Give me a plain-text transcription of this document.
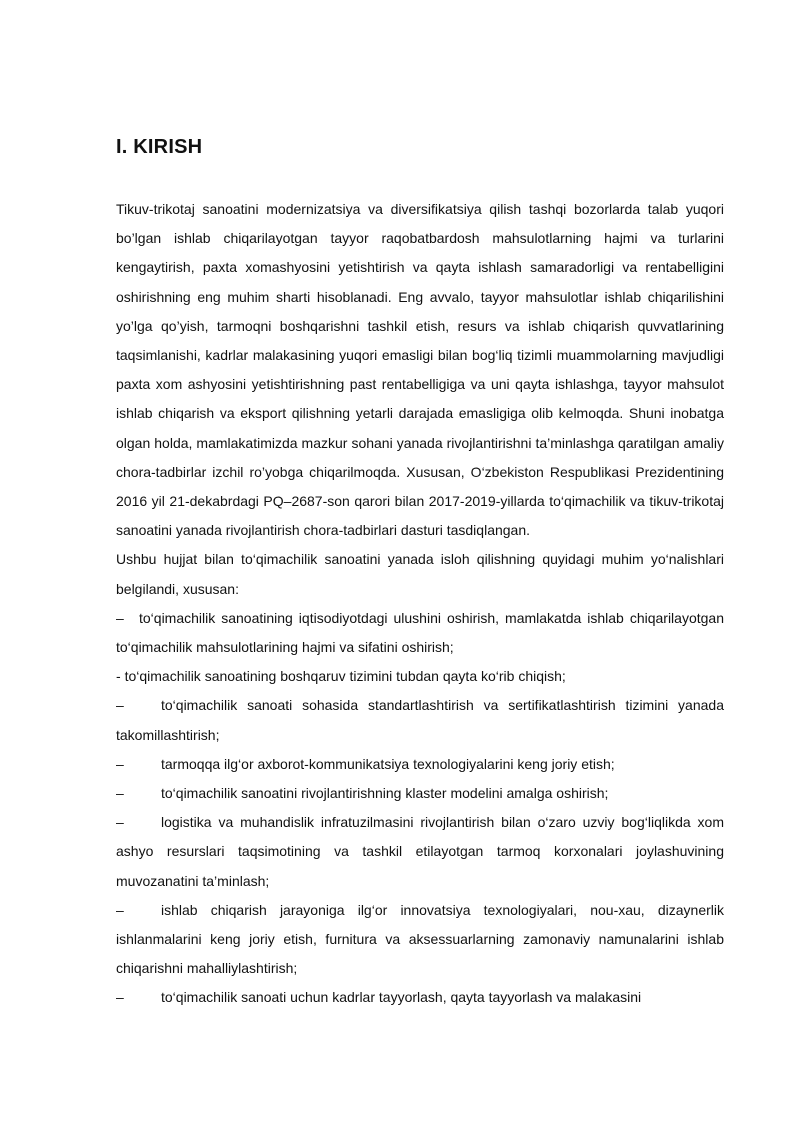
I. KIRISH

Tikuv-trikotaj sanoatini modernizatsiya va diversifikatsiya qilish tashqi bozorlarda talab yuqori bo’lgan ishlab chiqarilayotgan tayyor raqobatbardosh mahsulotlarning hajmi va turlarini kengaytirish, paxta xomashyosini yetishtirish va qayta ishlash samaradorligi va rentabelligini oshirishning eng muhim sharti hisoblanadi. Eng avvalo, tayyor mahsulotlar ishlab chiqarilishini yo’lga qo’yish, tarmoqni boshqarishni tashkil etish, resurs va ishlab chiqarish quvvatlarining taqsimlanishi, kadrlar malakasining yuqori emasligi bilan bog‘liq tizimli muammolarning mavjudligi paxta xom ashyosini yetishtirishning past rentabelligiga va uni qayta ishlashga, tayyor mahsulot ishlab chiqarish va eksport qilishning yetarli darajada emasligiga olib kelmoqda. Shuni inobatga olgan holda, mamlakatimizda mazkur sohani yanada rivojlantirishni ta’minlashga qaratilgan amaliy chora-tadbirlar izchil ro’yobga chiqarilmoqda. Xususan, O‘zbekiston Respublikasi Prezidentining 2016 yil 21-dekabrdagi PQ–2687-son qarori bilan 2017-2019-yillarda to‘qimachilik va tikuv-trikotaj sanoatini yanada rivojlantirish chora-tadbirlari dasturi tasdiqlangan.

Ushbu hujjat bilan to‘qimachilik sanoatini yanada isloh qilishning quyidagi muhim yo‘nalishlari belgilandi, xususan:

– to‘qimachilik sanoatining iqtisodiyotdagi ulushini oshirish, mamlakatda ishlab chiqarilayotgan to‘qimachilik mahsulotlarining hajmi va sifatini oshirish;

- to‘qimachilik sanoatining boshqaruv tizimini tubdan qayta ko‘rib chiqish;

–	to‘qimachilik sanoati sohasida standartlashtirish va sertifikatlashtirish tizimini yanada takomillashtirish;

–	tarmoqqa ilg‘or axborot-kommunikatsiya texnologiyalarini keng joriy etish;

–	to‘qimachilik sanoatini rivojlantirishning klaster modelini amalga oshirish;

–	logistika va muhandislik infratuzilmasini rivojlantirish bilan o‘zaro uzviy bog‘liqlikda xom ashyo resurslari taqsimotining va tashkil etilayotgan tarmoq korxonalari joylashuvining muvozanatini ta’minlash;

–	ishlab chiqarish jarayoniga ilg‘or innovatsiya texnologiyalari, nou-xau, dizaynerlik ishlanmalarini keng joriy etish, furnitura va aksessuarlarning zamonaviy namunalarini ishlab chiqarishni mahalliylashtirish;

–	to‘qimachilik sanoati uchun kadrlar tayyorlash, qayta tayyorlash va malakasini
